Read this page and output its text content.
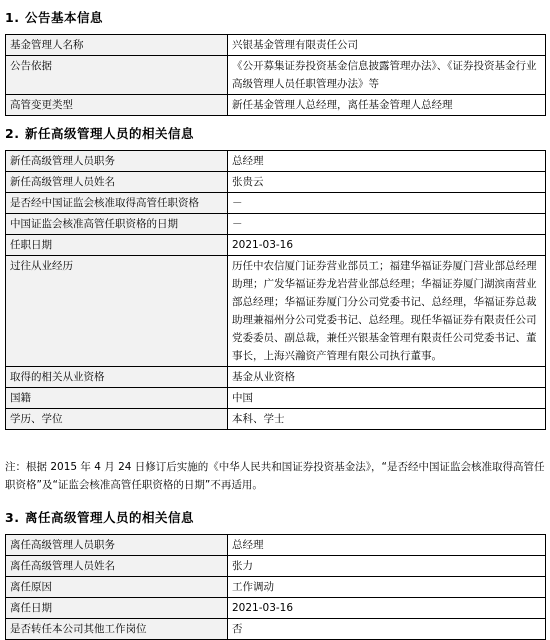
1. 公告基本信息
基金管理人名称	兴银基金管理有限责任公司
公告依据	《公开募集证券投资基金信息披露管理办法》、《证券投资基金行业高级管理人员任职管理办法》等
高管变更类型	新任基金管理人总经理，离任基金管理人总经理
2. 新任高级管理人员的相关信息
新任高级管理人员职务	总经理
新任高级管理人员姓名	张贵云
是否经中国证监会核准取得高管任职资格	－
中国证监会核准高管任职资格的日期	－
任职日期	2021-03-16
过往从业经历	历任中农信厦门证券营业部员工；福建华福证券厦门营业部总经理助理；广发华福证券龙岩营业部总经理；华福证券厦门湖滨南营业部总经理；华福证券厦门分公司党委书记、总经理，华福证券总裁助理兼福州分公司党委书记、总经理。现任华福证券有限责任公司党委委员、副总裁，兼任兴银基金管理有限责任公司党委书记、董事长，上海兴瀚资产管理有限公司执行董事。
取得的相关从业资格	基金从业资格
国籍	中国
学历、学位	本科、学士
注：根据 2015 年 4 月 24 日修订后实施的《中华人民共和国证券投资基金法》，“是否经中国证监会核准取得高管任职资格”及“证监会核准高管任职资格的日期”不再适用。
3. 离任高级管理人员的相关信息
离任高级管理人员职务	总经理
离任高级管理人员姓名	张力
离任原因	工作调动
离任日期	2021-03-16
是否转任本公司其他工作岗位	否
